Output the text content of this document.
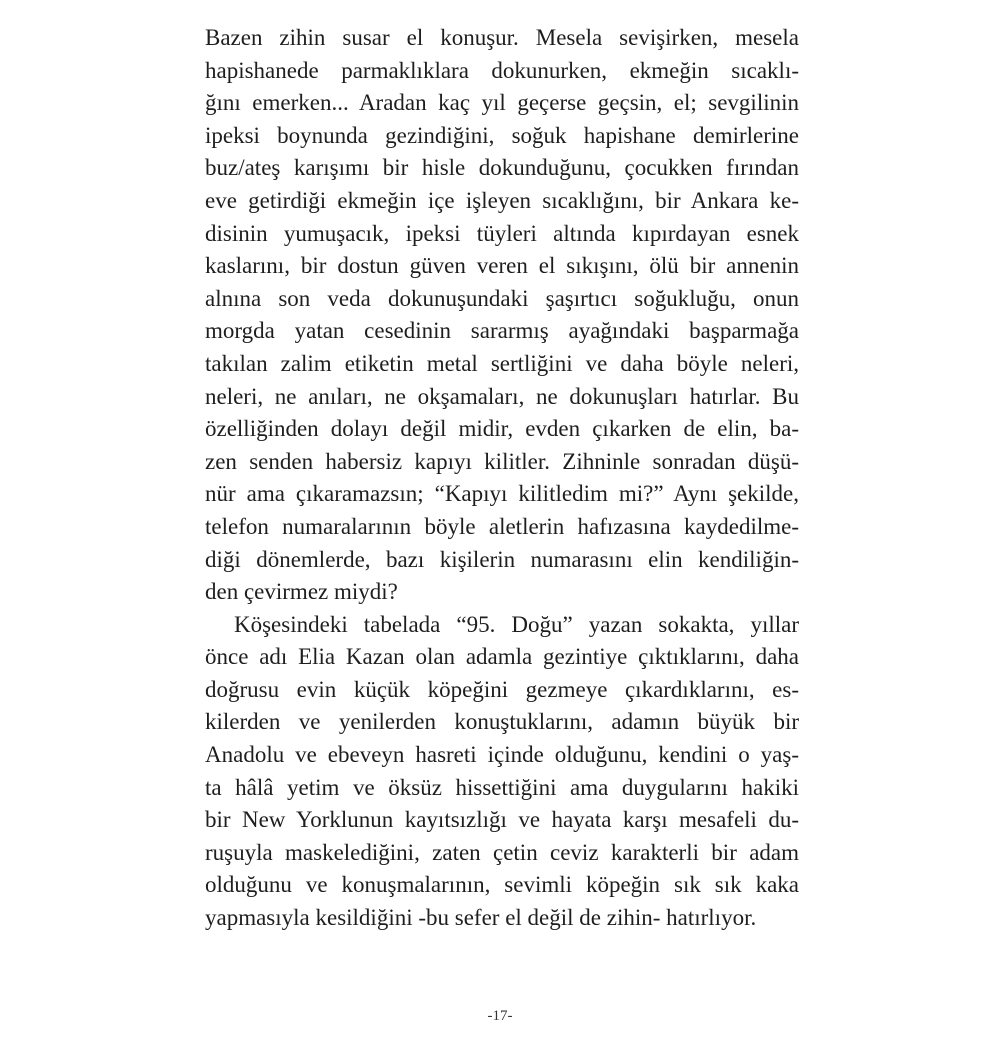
Bazen zihin susar el konuşur. Mesela sevişirken, mesela
hapishanede parmaklıklara dokunurken, ekmeğin sıcaklı-
ğını emerken... Aradan kaç yıl geçerse geçsin, el; sevgilinin
ipeksi boynunda gezindiğini, soğuk hapishane demirlerine
buz/ateş karışımı bir hisle dokunduğunu, çocukken fırından
eve getirdiği ekmeğin içe işleyen sıcaklığını, bir Ankara ke-
disinin yumuşacık, ipeksi tüyleri altında kıpırdayan esnek
kaslarını, bir dostun güven veren el sıkışını, ölü bir annenin
alnına son veda dokunuşundaki şaşırtıcı soğukluğu, onun
morgda yatan cesedinin sararmış ayağındaki başparmağa
takılan zalim etiketin metal sertliğini ve daha böyle neleri,
neleri, ne anıları, ne okşamaları, ne dokunuşları hatırlar. Bu
özelliğinden dolayı değil midir, evden çıkarken de elin, ba-
zen senden habersiz kapıyı kilitler. Zihninle sonradan düşü-
nür ama çıkaramazsın; “Kapıyı kilitledim mi?” Aynı şekilde,
telefon numaralarının böyle aletlerin hafızasına kaydedilme-
diği dönemlerde, bazı kişilerin numarasını elin kendiliğin-
den çevirmez miydi?
Köşesindeki tabelada “95. Doğu” yazan sokakta, yıllar
önce adı Elia Kazan olan adamla gezintiye çıktıklarını, daha
doğrusu evin küçük köpeğini gezmeye çıkardıklarını, es-
kilerden ve yenilerden konuştuklarını, adamın büyük bir
Anadolu ve ebeveyn hasreti içinde olduğunu, kendini o yaş-
ta hâlâ yetim ve öksüz hissettiğini ama duygularını hakiki
bir New Yorklunun kayıtsızlığı ve hayata karşı mesafeli du-
ruşuyla maskelediğini, zaten çetin ceviz karakterli bir adam
olduğunu ve konuşmalarının, sevimli köpeğin sık sık kaka
yapmasıyla kesildiğini -bu sefer el değil de zihin- hatırlıyor.
-17-
